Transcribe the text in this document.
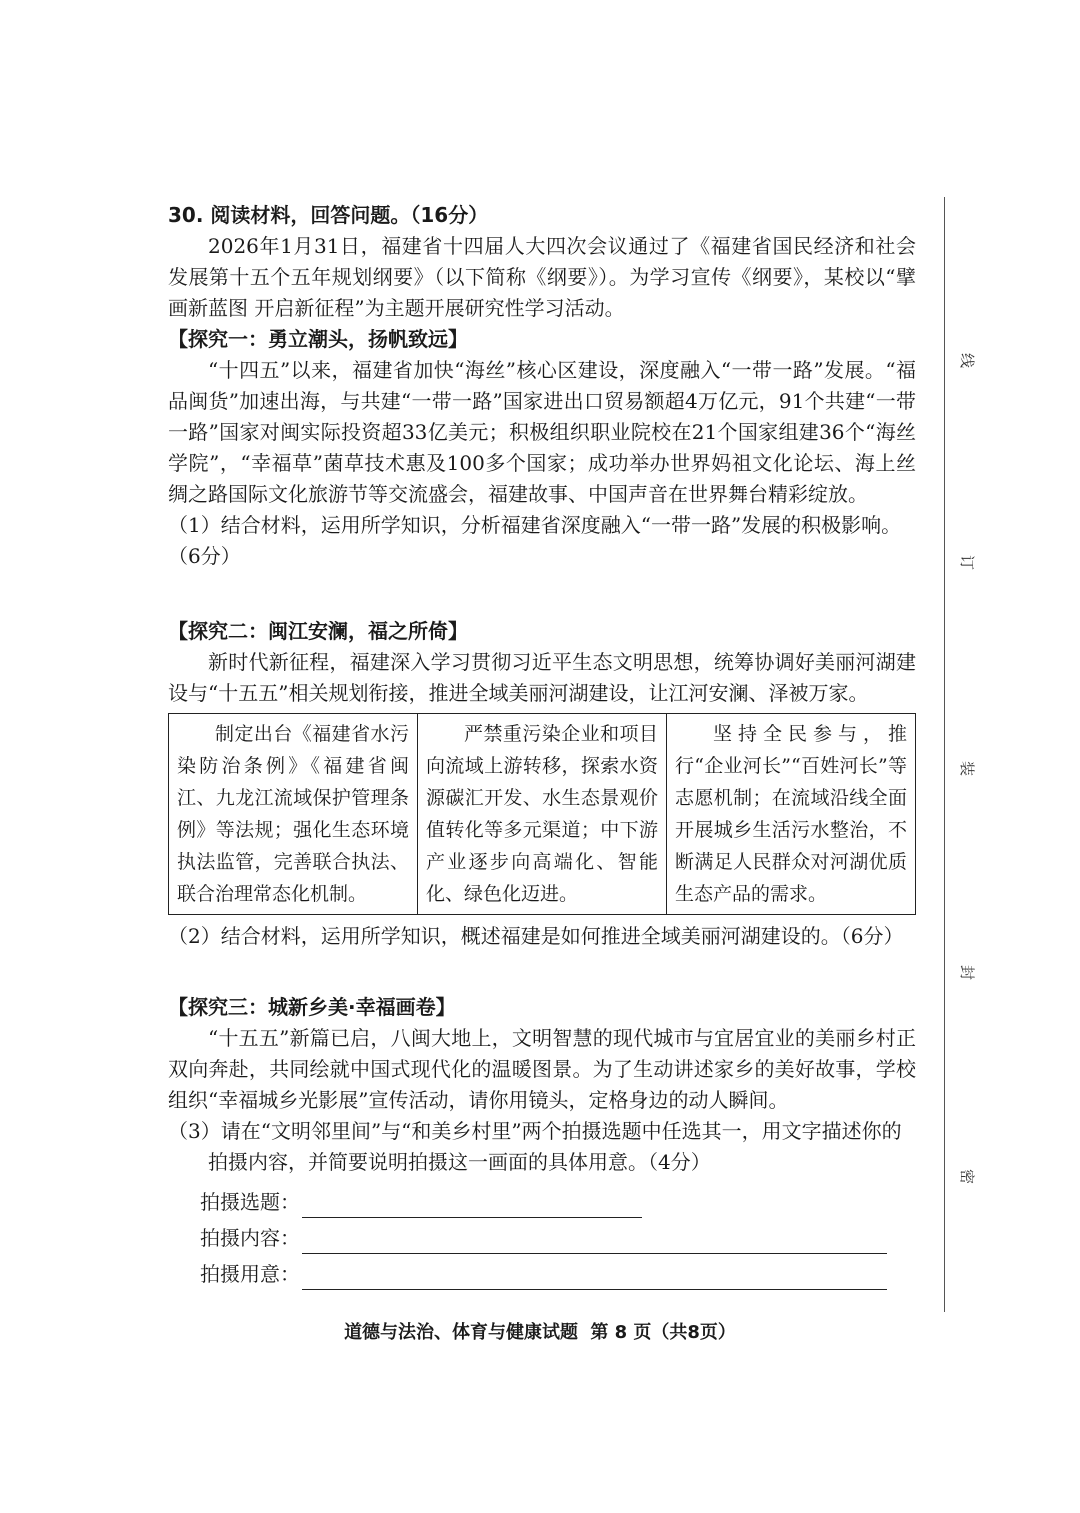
30. 阅读材料，回答问题。（16分）

2026年1月31日，福建省十四届人大四次会议通过了《福建省国民经济和社会发展第十五个五年规划纲要》（以下简称《纲要》）。为学习宣传《纲要》，某校以“擘画新蓝图 开启新征程”为主题开展研究性学习活动。

【探究一：勇立潮头，扬帆致远】

“十四五”以来，福建省加快“海丝”核心区建设，深度融入“一带一路”发展。“福品闽货”加速出海，与共建“一带一路”国家进出口贸易额超4万亿元，91个共建“一带一路”国家对闽实际投资超33亿美元；积极组织职业院校在21个国家组建36个“海丝学院”，“幸福草”菌草技术惠及100多个国家；成功举办世界妈祖文化论坛、海上丝绸之路国际文化旅游节等交流盛会，福建故事、中国声音在世界舞台精彩绽放。

（1）结合材料，运用所学知识，分析福建省深度融入“一带一路”发展的积极影响。（6分）

【探究二：闽江安澜，福之所倚】

新时代新征程，福建深入学习贯彻习近平生态文明思想，统筹协调好美丽河湖建设与“十五五”相关规划衔接，推进全域美丽河湖建设，让江河安澜、泽被万家。

制定出台《福建省水污染防治条例》《福建省闽江、九龙江流域保护管理条例》等法规；强化生态环境执法监管，完善联合执法、联合治理常态化机制。	严禁重污染企业和项目向流域上游转移，探索水资源碳汇开发、水生态景观价值转化等多元渠道；中下游产业逐步向高端化、智能化、绿色化迈进。	坚持全民参与，推行“企业河长”“百姓河长”等志愿机制；在流域沿线全面开展城乡生活污水整治，不断满足人民群众对河湖优质生态产品的需求。

（2）结合材料，运用所学知识，概述福建是如何推进全域美丽河湖建设的。（6分）

【探究三：城新乡美·幸福画卷】

“十五五”新篇已启，八闽大地上，文明智慧的现代城市与宜居宜业的美丽乡村正双向奔赴，共同绘就中国式现代化的温暖图景。为了生动讲述家乡的美好故事，学校组织“幸福城乡光影展”宣传活动，请你用镜头，定格身边的动人瞬间。

（3）请在“文明邻里间”与“和美乡村里”两个拍摄选题中任选其一，用文字描述你的拍摄内容，并简要说明拍摄这一画面的具体用意。（4分）

拍摄选题：
拍摄内容：
拍摄用意：
道德与法治、体育与健康试题 第 8 页（共8页）
线
订
装
封
密
